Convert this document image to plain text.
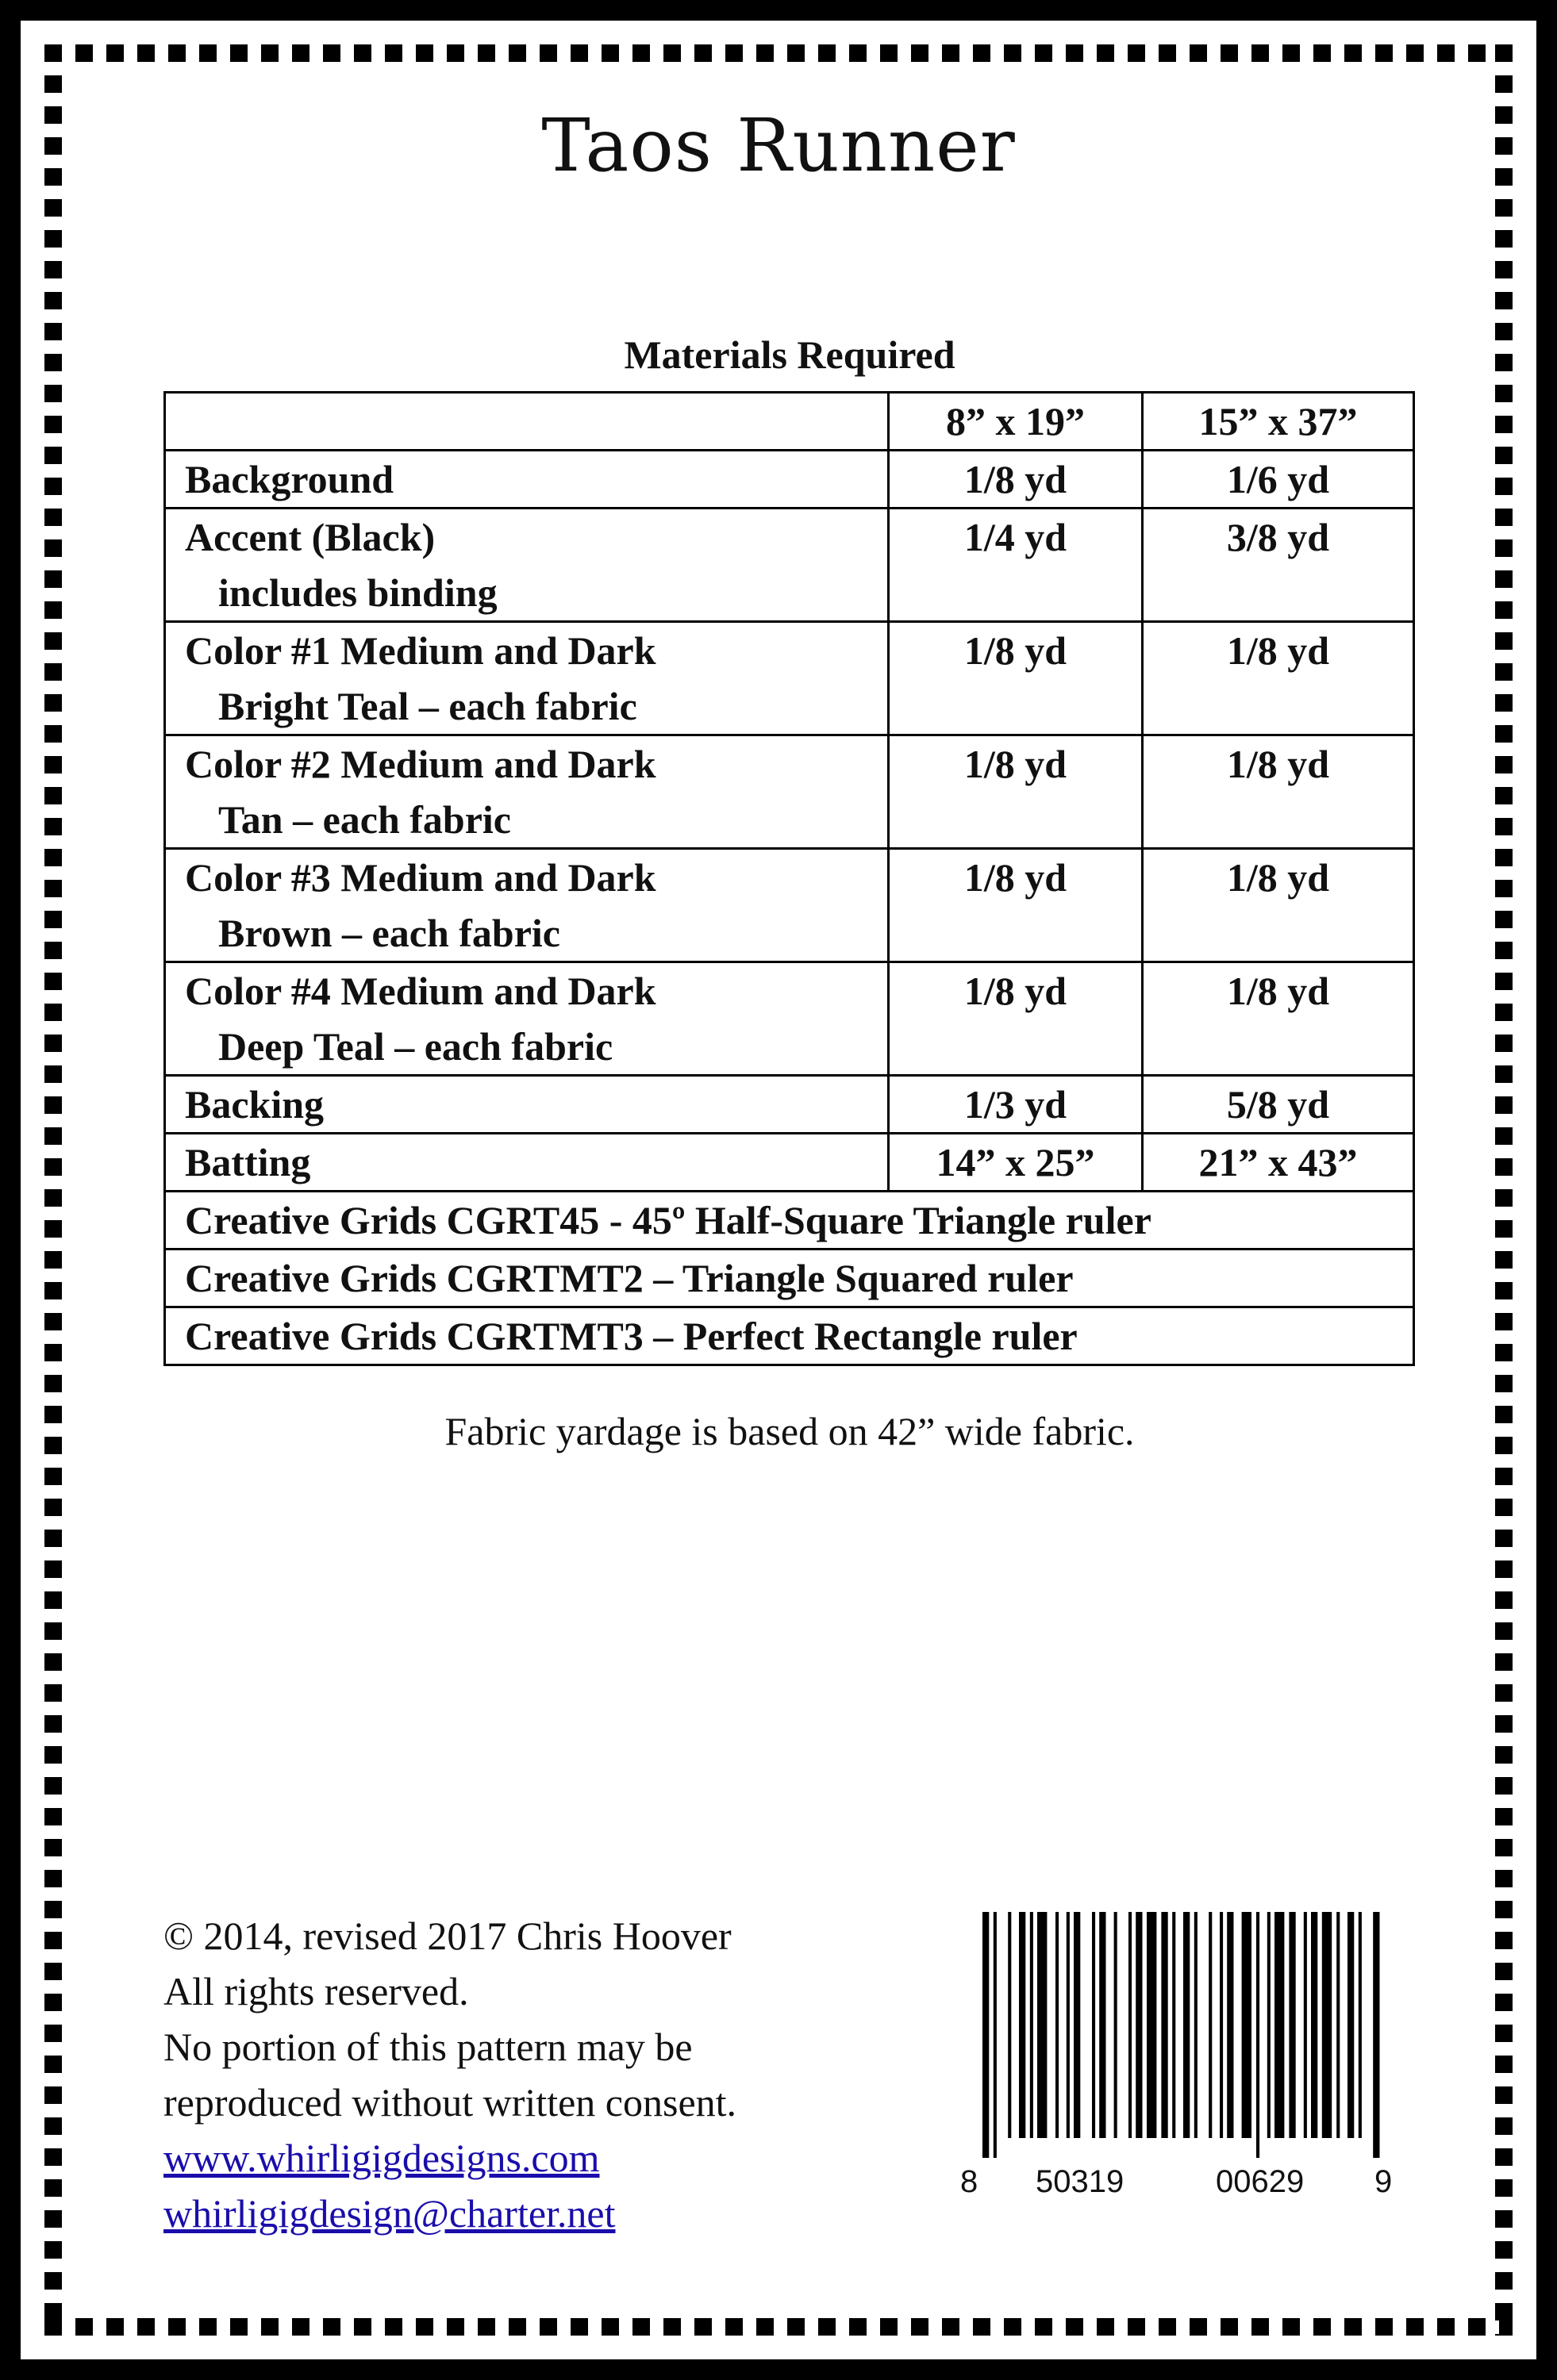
Taos Runner
Materials Required
	8” x 19”	15” x 37”
Background	1/8 yd	1/6 yd
Accent (Black)
includes binding	1/4 yd	3/8 yd
Color #1 Medium and Dark
Bright Teal – each fabric	1/8 yd	1/8 yd
Color #2 Medium and Dark
Tan – each fabric	1/8 yd	1/8 yd
Color #3 Medium and Dark
Brown – each fabric	1/8 yd	1/8 yd
Color #4 Medium and Dark
Deep Teal – each fabric	1/8 yd	1/8 yd
Backing	1/3 yd	5/8 yd
Batting	14” x 25”	21” x 43”
Creative Grids CGRT45 - 45º Half-Square Triangle ruler		
Creative Grids CGRTMT2 – Triangle Squared ruler		
Creative Grids CGRTMT3 – Perfect Rectangle ruler		
Fabric yardage is based on 42” wide fabric.
© 2014, revised 2017 Chris Hoover
All rights reserved.
No portion of this pattern may be
reproduced without written consent.
www.whirligigdesigns.com
whirligigdesign@charter.net
8 50319	00629 9
